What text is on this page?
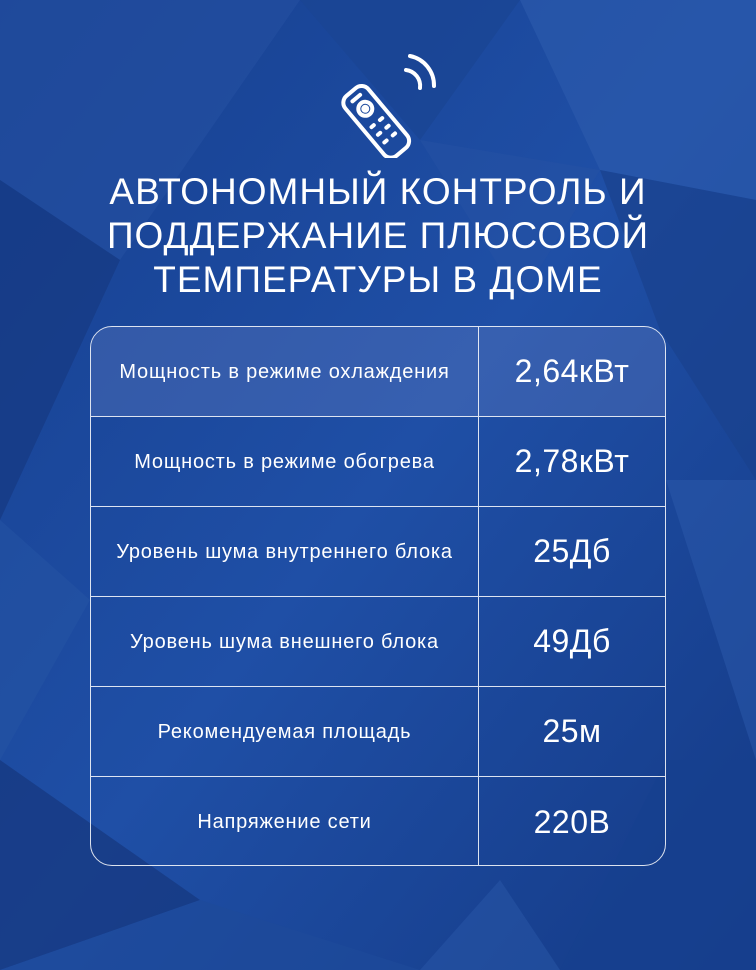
АВТОНОМНЫЙ КОНТРОЛЬ И
ПОДДЕРЖАНИЕ ПЛЮСОВОЙ
ТЕМПЕРАТУРЫ В ДОМЕ
Мощность в режиме охлаждения	2,64кВт
Мощность в режиме обогрева	2,78кВт
Уровень шума внутреннего блока	25Дб
Уровень шума внешнего блока	49Дб
Рекомендуемая площадь	25м
Напряжение сети	220В
